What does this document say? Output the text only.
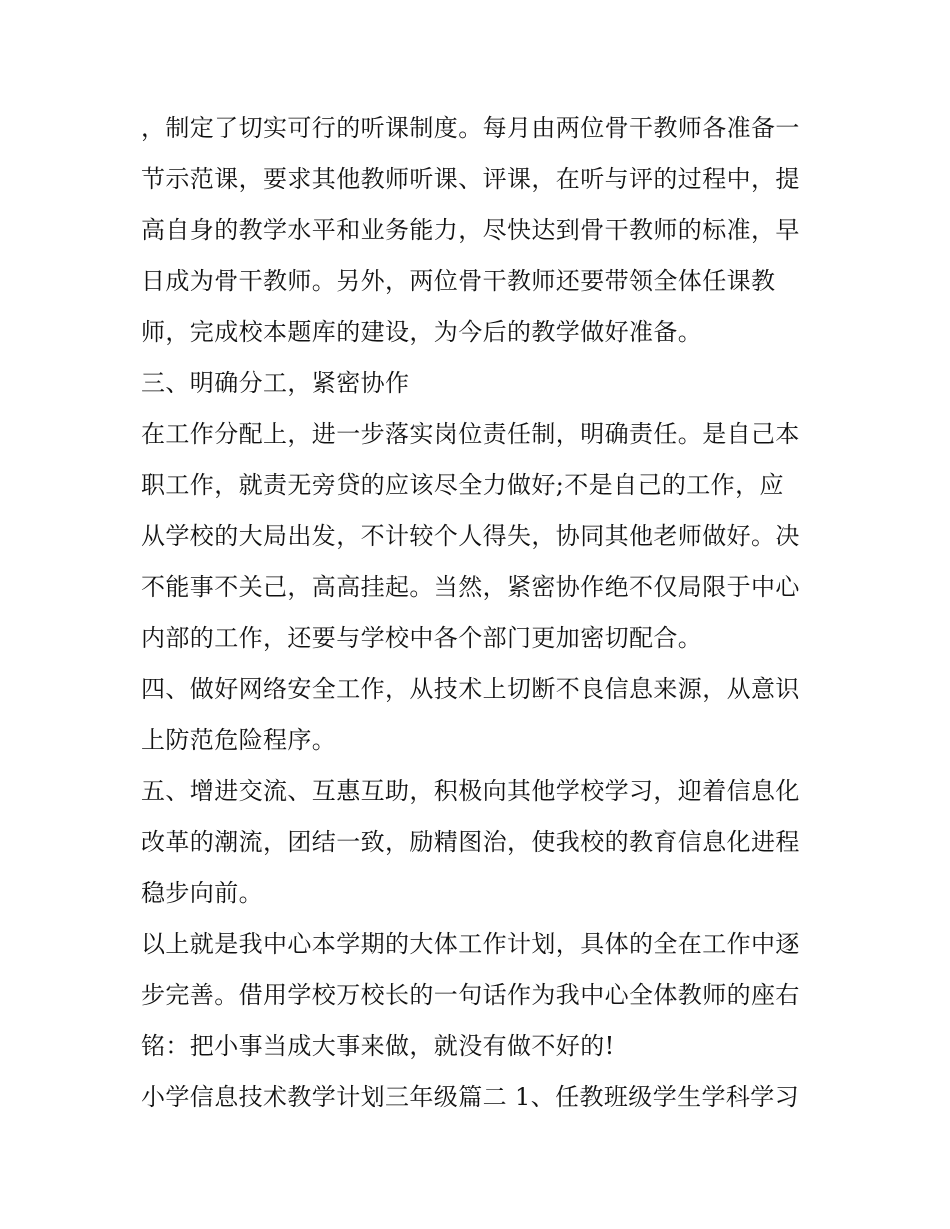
，制定了切实可行的听课制度。每月由两位骨干教师各准备一
节示范课，要求其他教师听课、评课，在听与评的过程中，提
高自身的教学水平和业务能力，尽快达到骨干教师的标准，早
日成为骨干教师。另外，两位骨干教师还要带领全体任课教
师，完成校本题库的建设，为今后的教学做好准备。
三、明确分工，紧密协作
在工作分配上，进一步落实岗位责任制，明确责任。是自己本
职工作，就责无旁贷的应该尽全力做好;不是自己的工作，应
从学校的大局出发，不计较个人得失，协同其他老师做好。决
不能事不关己，高高挂起。当然，紧密协作绝不仅局限于中心
内部的工作，还要与学校中各个部门更加密切配合。
四、做好网络安全工作，从技术上切断不良信息来源，从意识
上防范危险程序。
五、增进交流、互惠互助，积极向其他学校学习，迎着信息化
改革的潮流，团结一致，励精图治，使我校的教育信息化进程
稳步向前。
以上就是我中心本学期的大体工作计划，具体的全在工作中逐
步完善。借用学校万校长的一句话作为我中心全体教师的座右
铭：把小事当成大事来做，就没有做不好的!
小学信息技术教学计划三年级篇二 1、任教班级学生学科学习
